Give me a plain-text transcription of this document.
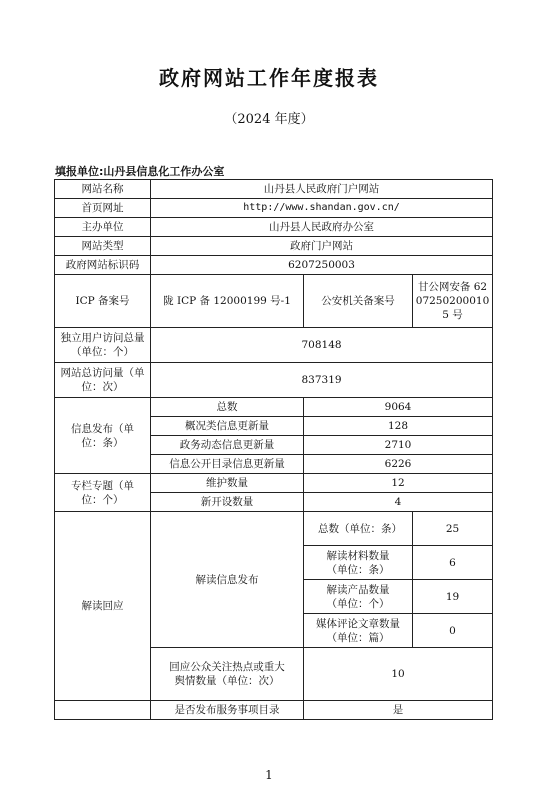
政府网站工作年度报表
（2024 年度）
填报单位:山丹县信息化工作办公室
网站名称	山丹县人民政府门户网站		
首页网址	http://www.shandan.gov.cn/		
主办单位	山丹县人民政府办公室		
网站类型	政府门户网站		
政府网站标识码	6207250003		
ICP 备案号	陇 ICP 备 12000199 号-1	公安机关备案号	甘公网安备 62072502000105 号
独立用户访问总量（单位：个）	708148		
网站总访问量（单位：次）	837319		
信息发布（单位：条）	总数	9064	
	概况类信息更新量	128	
	政务动态信息更新量	2710	
	信息公开目录信息更新量	6226	
专栏专题（单位：个）	维护数量	12	
	新开设数量	4	
解读回应	解读信息发布	总数（单位：条）	25
		解读材料数量（单位：条）	6
		解读产品数量（单位：个）	19
		媒体评论文章数量（单位：篇）	0
	回应公众关注热点或重大舆情数量（单位：次）	10	
	是否发布服务事项目录	是	
1
